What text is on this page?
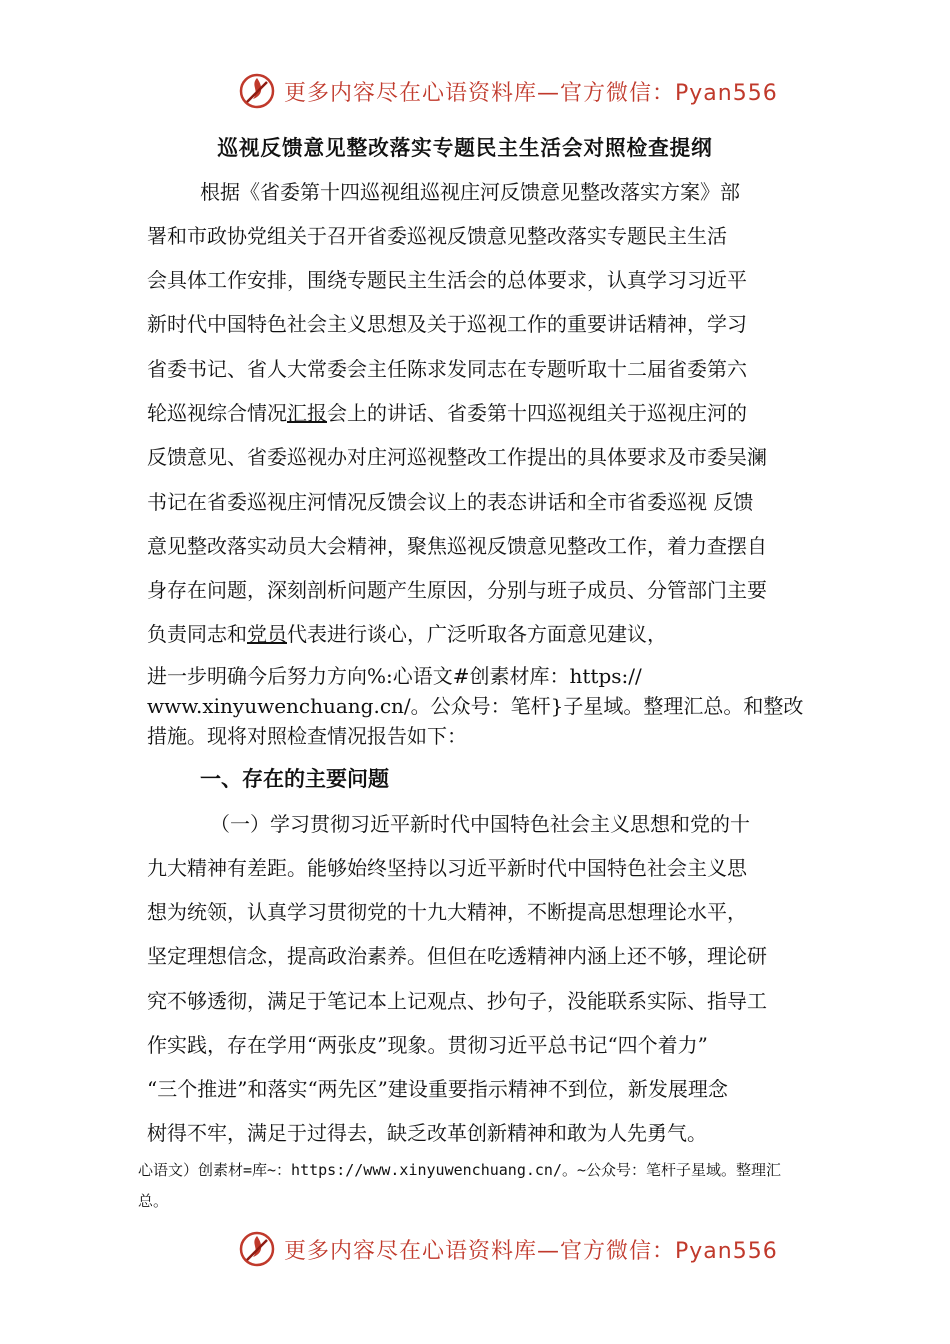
更多内容尽在心语资料库—官方微信：Pyan556
巡视反馈意见整改落实专题民主生活会对照检查提纲
根据《省委第十四巡视组巡视庄河反馈意见整改落实方案》部
署和市政协党组关于召开省委巡视反馈意见整改落实专题民主生活
会具体工作安排，围绕专题民主生活会的总体要求，认真学习习近平
新时代中国特色社会主义思想及关于巡视工作的重要讲话精神，学习
省委书记、省人大常委会主任陈求发同志在专题听取十二届省委第六
轮巡视综合情况汇报会上的讲话、省委第十四巡视组关于巡视庄河的
反馈意见、省委巡视办对庄河巡视整改工作提出的具体要求及市委吴澜
书记在省委巡视庄河情况反馈会议上的表态讲话和全市省委巡视 反馈
意见整改落实动员大会精神，聚焦巡视反馈意见整改工作，着力查摆自
身存在问题，深刻剖析问题产生原因，分别与班子成员、分管部门主要
负责同志和党员代表进行谈心，广泛听取各方面意见建议，
进一步明确今后努力方向%:心语文#创素材库：https://
www.xinyuwenchuang.cn/。公众号：笔杆}子星域。整理汇总。和整改
措施。现将对照检查情况报告如下：
一、存在的主要问题
（一）学习贯彻习近平新时代中国特色社会主义思想和党的十
九大精神有差距。能够始终坚持以习近平新时代中国特色社会主义思
想为统领，认真学习贯彻党的十九大精神，不断提高思想理论水平，
坚定理想信念，提高政治素养。但但在吃透精神内涵上还不够，理论研
究不够透彻，满足于笔记本上记观点、抄句子，没能联系实际、指导工
作实践，存在学用“两张皮”现象。贯彻习近平总书记“四个着力”
“三个推进”和落实“两先区”建设重要指示精神不到位，新发展理念
树得不牢，满足于过得去，缺乏改革创新精神和敢为人先勇气。
心语文）创素材=库~：https://www.xinyuwenchuang.cn/。~公众号：笔杆子星域。整理汇
总。
更多内容尽在心语资料库—官方微信：Pyan556
